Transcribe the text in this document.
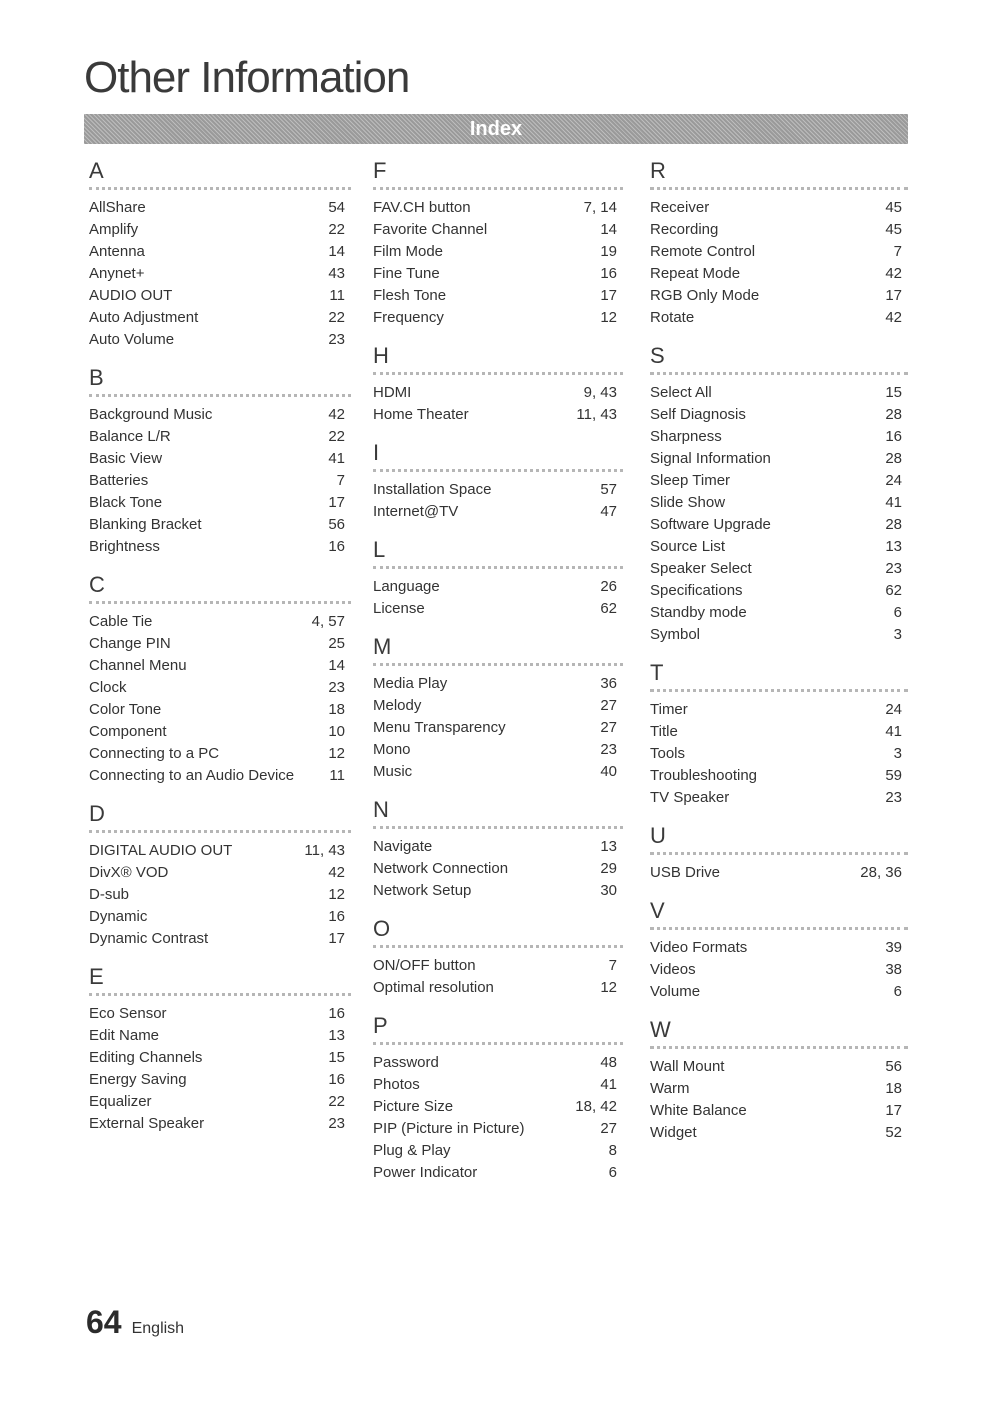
Other Information
Index
A
AllShare	54
Amplify	22
Antenna	14
Anynet+	43
AUDIO OUT	11
Auto Adjustment	22
Auto Volume	23
B
Background Music	42
Balance L/R	22
Basic View	41
Batteries	7
Black Tone	17
Blanking Bracket	56
Brightness	16
C
Cable Tie	4, 57
Change PIN	25
Channel Menu	14
Clock	23
Color Tone	18
Component	10
Connecting to a PC	12
Connecting to an Audio Device 11
D
DIGITAL AUDIO OUT	11, 43
DivX® VOD	42
D-sub	12
Dynamic	16
Dynamic Contrast	17
E
Eco Sensor	16
Edit Name	13
Editing Channels	15
Energy Saving	16
Equalizer	22
External Speaker	23
F
FAV.CH button	7, 14
Favorite Channel	14
Film Mode	19
Fine Tune	16
Flesh Tone	17
Frequency	12
H
HDMI	9, 43
Home Theater	11, 43
I
Installation Space	57
Internet@TV	47
L
Language	26
License	62
M
Media Play	36
Melody	27
Menu Transparency	27
Mono	23
Music	40
N
Navigate	13
Network Connection	29
Network Setup	30
O
ON/OFF button	7
Optimal resolution	12
P
Password	48
Photos	41
Picture Size	18, 42
PIP (Picture in Picture)	27
Plug & Play	8
Power Indicator	6
R
Receiver	45
Recording	45
Remote Control	7
Repeat Mode	42
RGB Only Mode	17
Rotate	42
S
Select All	15
Self Diagnosis	28
Sharpness	16
Signal Information	28
Sleep Timer	24
Slide Show	41
Software Upgrade	28
Source List	13
Speaker Select	23
Specifications	62
Standby mode	6
Symbol	3
T
Timer	24
Title	41
Tools	3
Troubleshooting	59
TV Speaker	23
U
USB Drive	28, 36
V
Video Formats	39
Videos	38
Volume	6
W
Wall Mount	56
Warm	18
White Balance	17
Widget	52
64 English
